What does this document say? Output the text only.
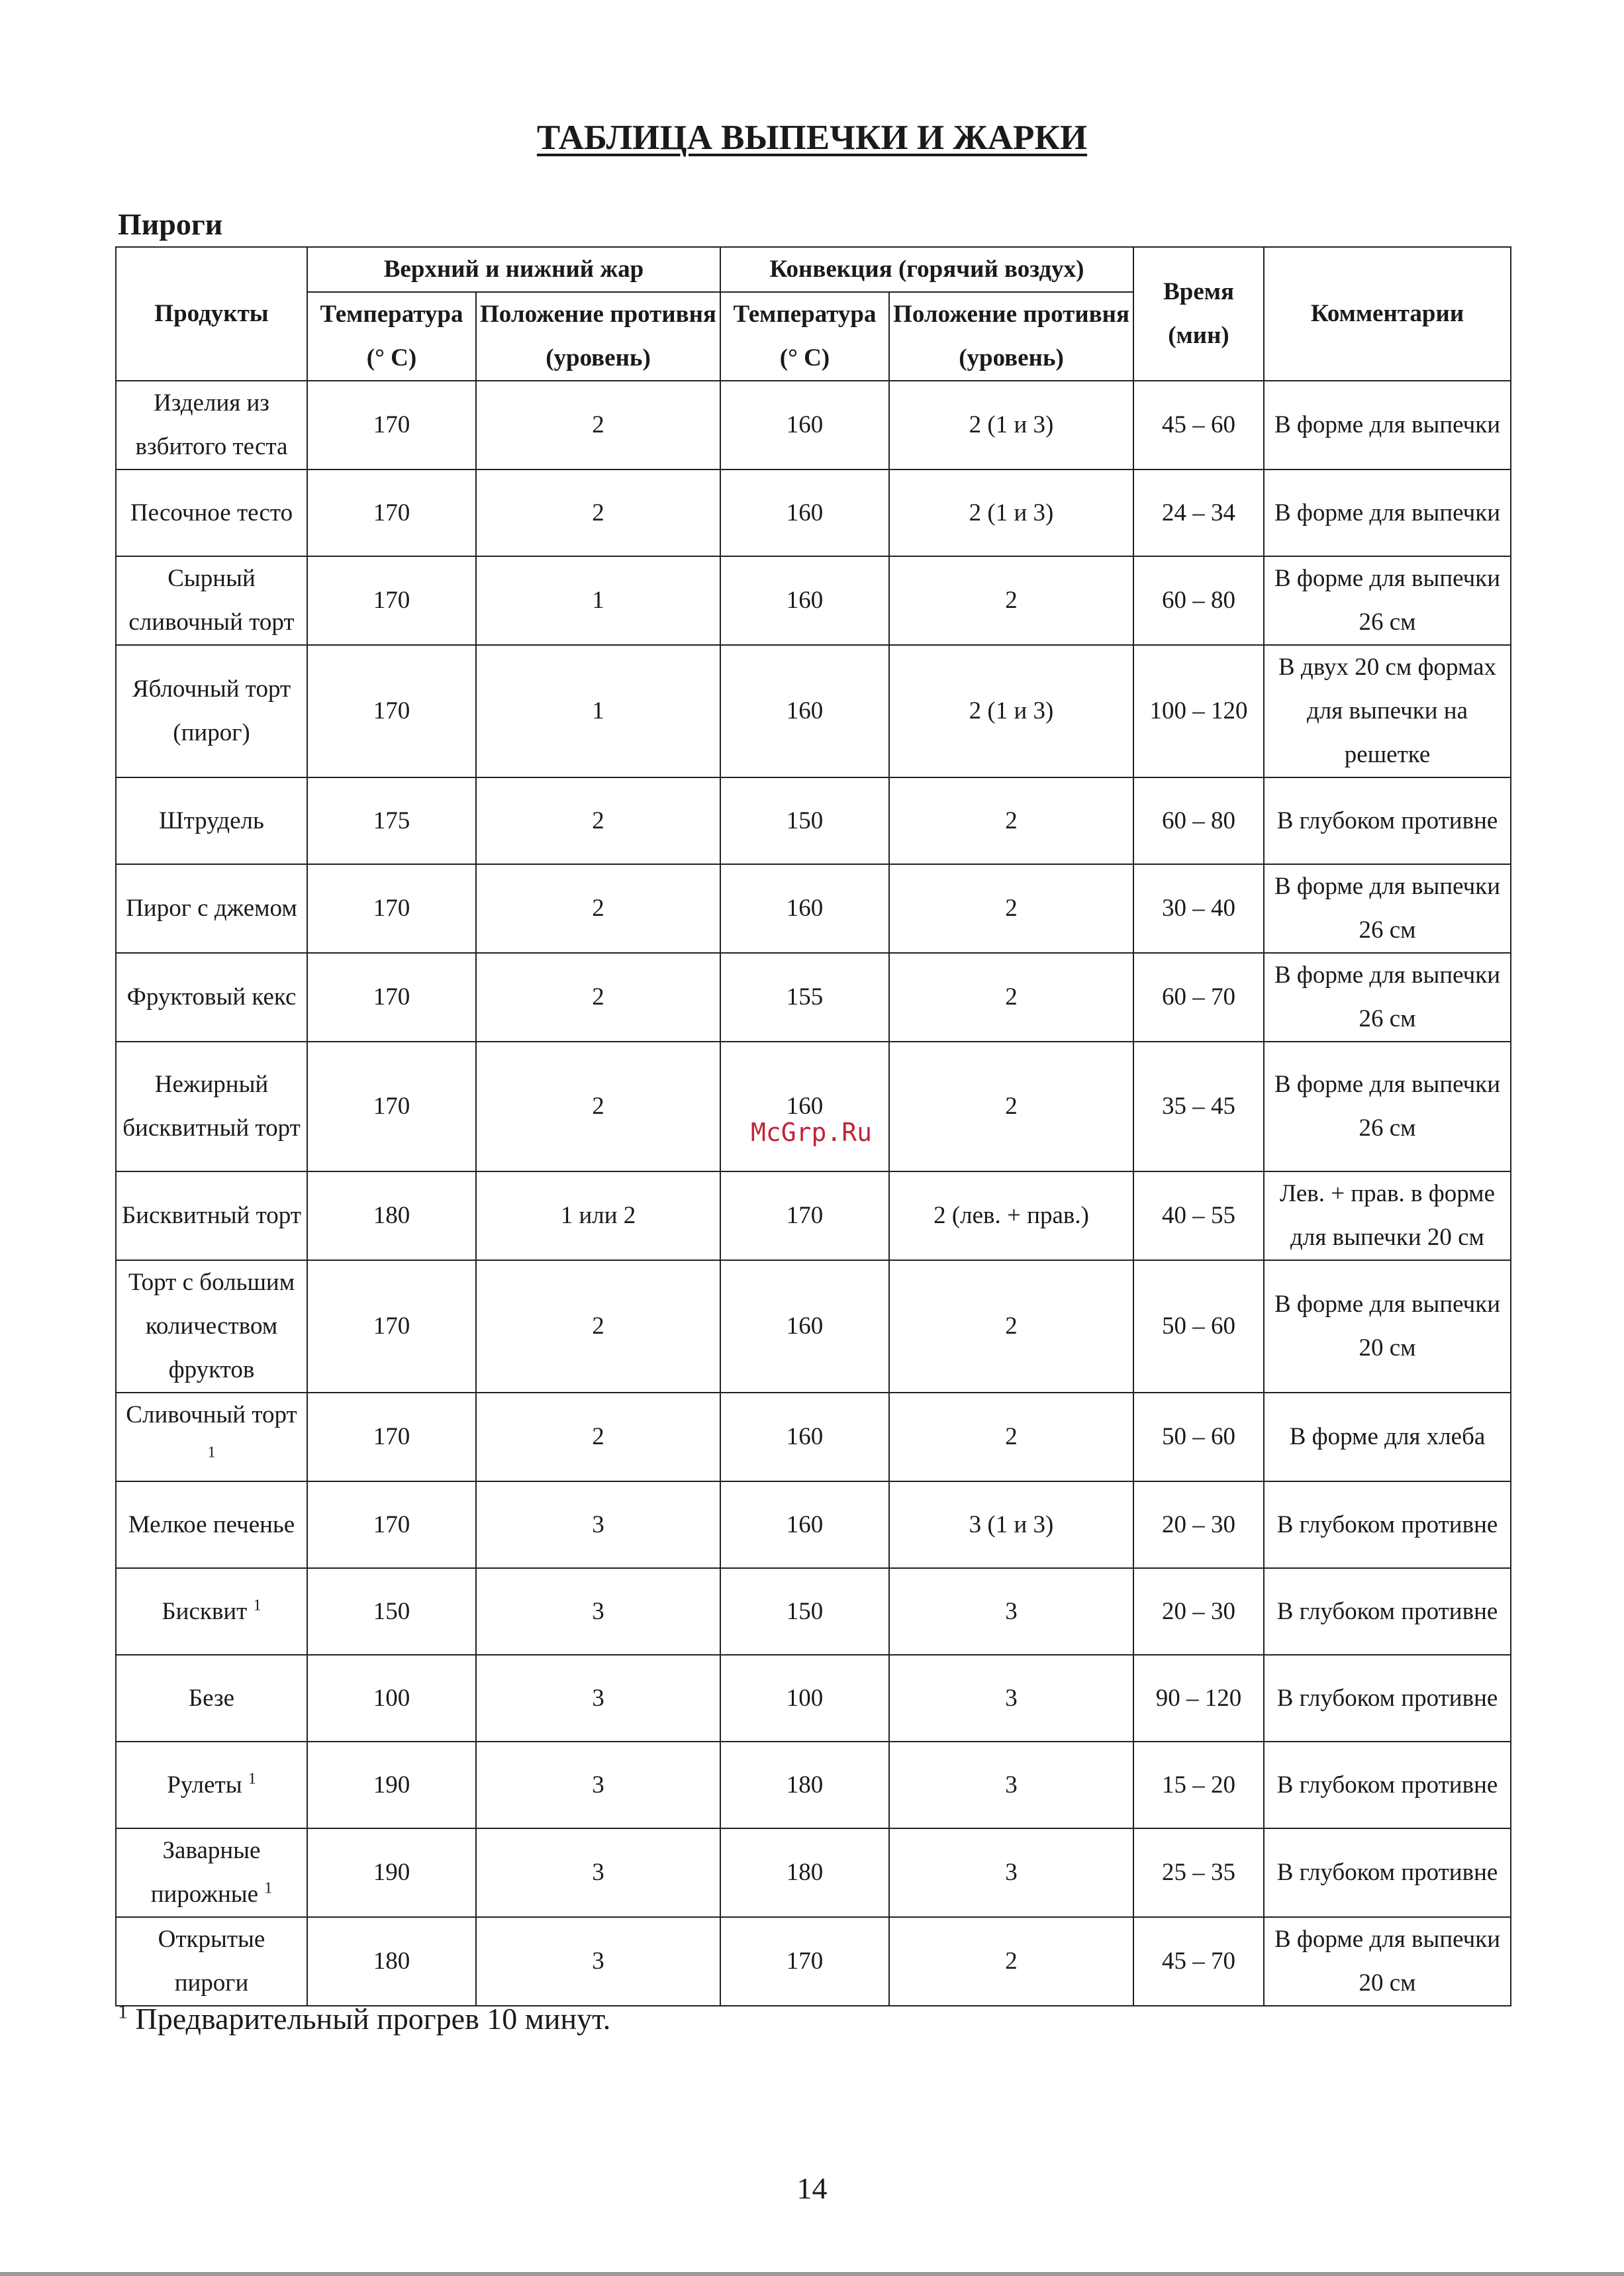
ТАБЛИЦА ВЫПЕЧКИ И ЖАРКИ
Пироги
Продукты	Верхний и нижний жар		Конвекция (горячий воздух)		Время (мин)	Комментарии
	Температура (° C)	Положение противня (уровень)	Температура (° C)	Положение противня (уровень)		
Изделия из взбитого теста	170	2	160	2 (1 и 3)	45 – 60	В форме для выпечки
Песочное тесто	170	2	160	2 (1 и 3)	24 – 34	В форме для выпечки
Сырный сливочный торт	170	1	160	2	60 – 80	В форме для выпечки 26 см
Яблочный торт (пирог)	170	1	160	2 (1 и 3)	100 – 120	В двух 20 см формах для выпечки на решетке
Штрудель	175	2	150	2	60 – 80	В глубоком противне
Пирог с джемом	170	2	160	2	30 – 40	В форме для выпечки 26 см
Фруктовый кекс	170	2	155	2	60 – 70	В форме для выпечки 26 см
Нежирный бисквитный торт	170	2	160	2	35 – 45	В форме для выпечки 26 см
Бисквитный торт	180	1 или 2	170	2 (лев. + прав.)	40 – 55	Лев. + прав. в форме для выпечки 20 см
Торт с большим количеством фруктов	170	2	160	2	50 – 60	В форме для выпечки 20 см
Сливочный торт $^1$	170	2	160	2	50 – 60	В форме для хлеба
Мелкое печенье	170	3	160	3 (1 и 3)	20 – 30	В глубоком противне
Бисквит $^1$	150	3	150	3	20 – 30	В глубоком противне
Безе	100	3	100	3	90 – 120	В глубоком противне
Рулеты $^1$	190	3	180	3	15 – 20	В глубоком противне
Заварные пирожные $^1$	190	3	180	3	25 – 35	В глубоком противне
Открытые пироги	180	3	170	2	45 – 70	В форме для выпечки 20 см
McGrp.Ru
$^1$ Предварительный прогрев 10 минут.
14
